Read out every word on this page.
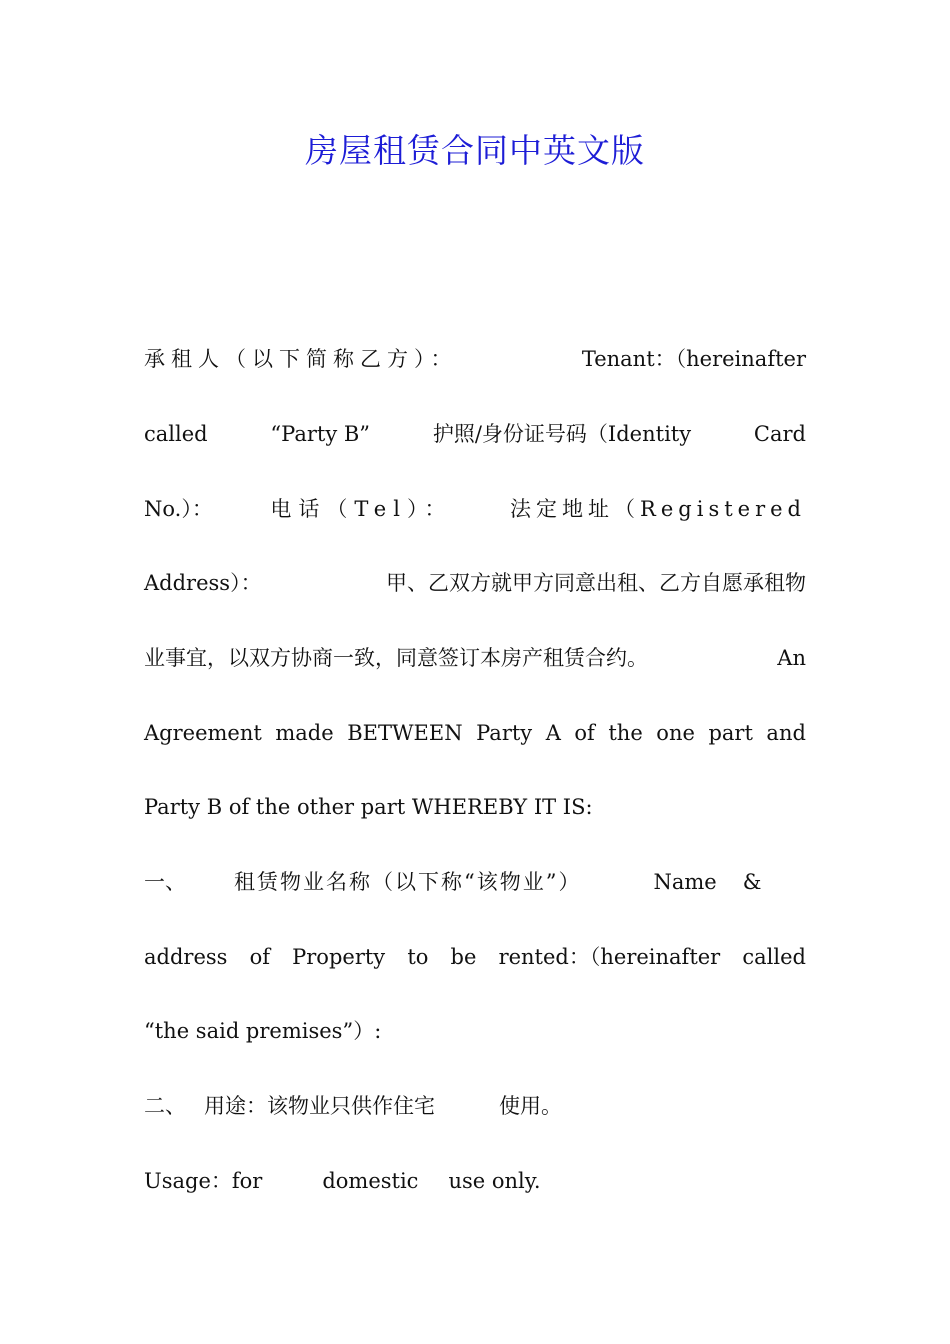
房屋租赁合同中英文版
承租人（以下简称乙方）：	Tenant：（hereinafter
called	“Party B”	护照/身份证号码（Identity	Card
No.）：	电话（Tel）：	法定地址（Registered
Address）：	甲、乙双方就甲方同意出租、乙方自愿承租物
业事宜，以双方协商一致，同意签订本房产租赁合约。	An
Agreement made BETWEEN Party A of the one part and
Party B of the other part WHEREBY IT IS:
一、 租赁物业名称（以下称“该物业”）	Name &
address of Property to be rented：（hereinafter called
“the said premises”）:
二、 用途：该物业只供作住宅	使用。
Usage：for	domestic use only.
